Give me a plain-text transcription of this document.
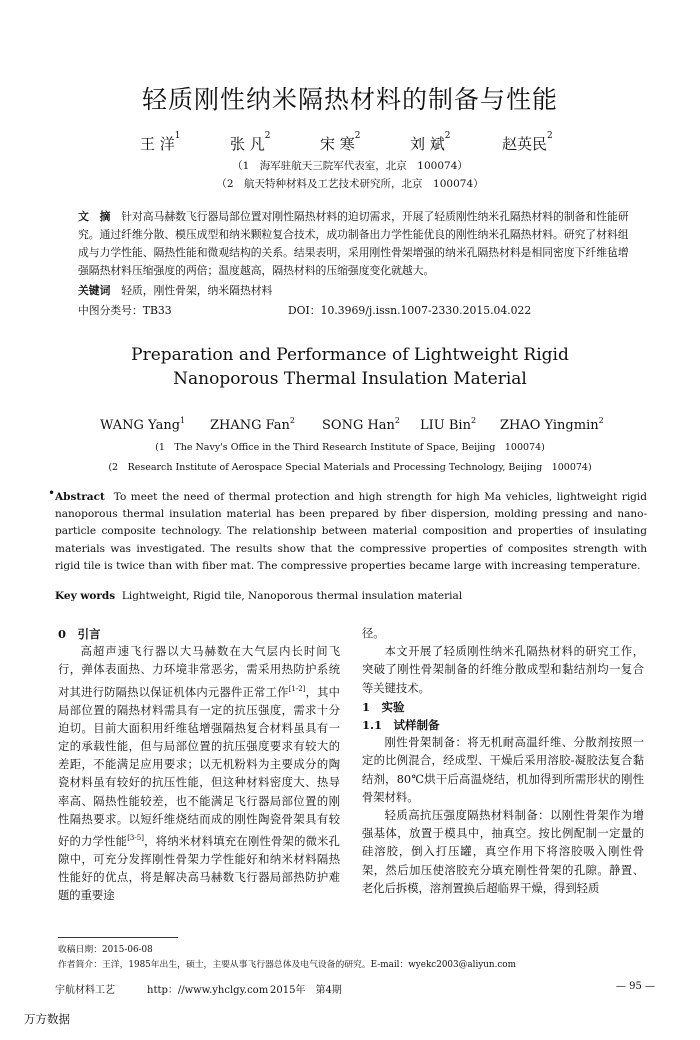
轻质刚性纳米隔热材料的制备与性能
王 洋$^1$	张 凡$^2$	宋 寒$^2$	刘 斌$^2$	赵英民$^2$
（1　海军驻航天三院军代表室，北京　100074）
（2　航天特种材料及工艺技术研究所，北京　100074）
文　摘　 针对高马赫数飞行器局部位置对刚性隔热材料的迫切需求，开展了轻质刚性纳米孔隔热材料的制备和性能研究。通过纤维分散、模压成型和纳米颗粒复合技术，成功制备出力学性能优良的刚性纳米孔隔热材料。研究了材料组成与力学性能、隔热性能和微观结构的关系。结果表明，采用刚性骨架增强的纳米孔隔热材料是相同密度下纤维毡增强隔热材料压缩强度的两倍；温度越高，隔热材料的压缩强度变化就越大。
关键词　 轻质，刚性骨架，纳米隔热材料
中图分类号：TB33	DOI：10.3969/j.issn.1007-2330.2015.04.022
Preparation and Performance of Lightweight Rigid
Nanoporous Thermal Insulation Material
WANG Yang$^1$ ZHANG Fan$^2$ SONG Han$^2$ LIU Bin$^2$ ZHAO Yingmin$^2$
(1　The Navy's Office in the Third Research Institute of Space, Beijing　100074)
(2　Research Institute of Aerospace Special Materials and Processing Technology, Beijing　100074)
• Abstract To meet the need of thermal protection and high strength for high Ma vehicles, lightweight rigid nanoporous thermal insulation material has been prepared by fiber dispersion, molding pressing and nano-particle composite technology. The relationship between material composition and properties of insulating materials was investigated. The results show that the compressive properties of composites strength with rigid tile is twice than with fiber mat. The compressive properties became large with increasing temperature.
Key words Lightweight, Rigid tile, Nanoporous thermal insulation material
0　引言

高超声速飞行器以大马赫数在大气层内长时间飞行，弹体表面热、力环境非常恶劣，需采用热防护系统对其进行防隔热以保证机体内元器件正常工作[1-2]，其中局部位置的隔热材料需具有一定的抗压强度，需求十分迫切。目前大面积用纤维毡增强隔热复合材料虽具有一定的承载性能，但与局部位置的抗压强度要求有较大的差距，不能满足应用要求；以无机粉料为主要成分的陶瓷材料虽有较好的抗压性能，但这种材料密度大、热导率高、隔热性能较差，也不能满足飞行器局部位置的刚性隔热要求。以短纤维烧结而成的刚性陶瓷骨架具有较好的力学性能[3-5]，将纳米材料填充在刚性骨架的微米孔隙中，可充分发挥刚性骨架力学性能好和纳米材料隔热性能好的优点，将是解决高马赫数飞行器局部热防护难题的重要途

径。

本文开展了轻质刚性纳米孔隔热材料的研究工作，突破了刚性骨架制备的纤维分散成型和黏结剂均一复合等关键技术。

1　实验
1.1　试样制备

刚性骨架制备：将无机耐高温纤维、分散剂按照一定的比例混合，经成型、干燥后采用溶胶-凝胶法复合黏结剂，80℃烘干后高温烧结，机加得到所需形状的刚性骨架材料。

轻质高抗压强度隔热材料制备：以刚性骨架作为增强基体，放置于模具中，抽真空。按比例配制一定量的硅溶胶，倒入打压罐，真空作用下将溶胶吸入刚性骨架，然后加压使溶胶充分填充刚性骨架的孔隙。静置、老化后拆模，溶剂置换后超临界干燥，得到轻质

收稿日期：2015-06-08
作者简介：王洋，1985年出生，硕士，主要从事飞行器总体及电气设备的研究。E-mail：wyekc2003@aliyun.com
宇航材料工艺	http：//www.yhclgy.com 2015年　第4期	— 95 —
万方数据
